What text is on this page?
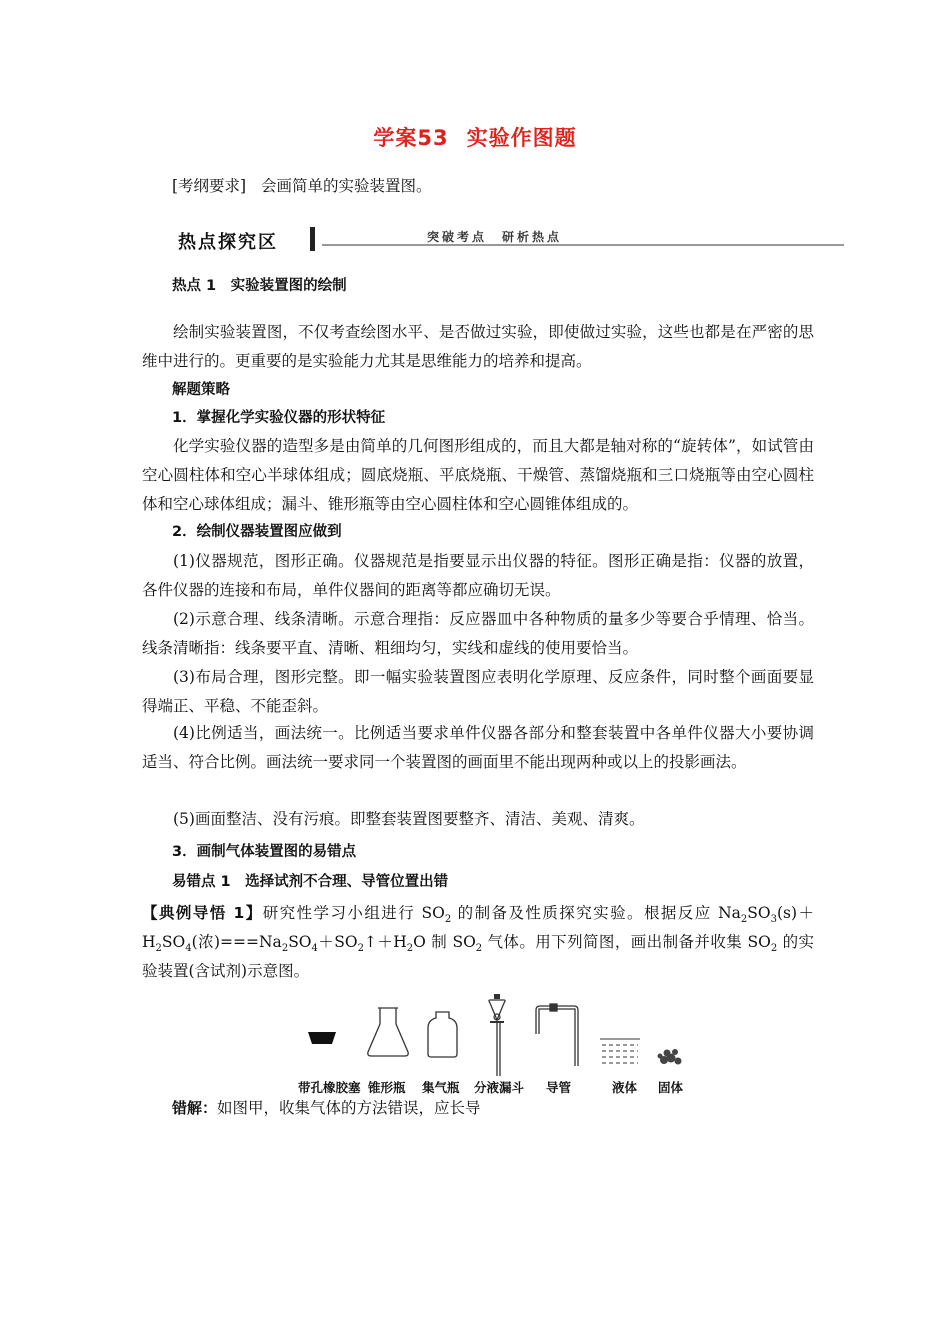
学案53 实验作图题
[考纲要求] 会画简单的实验装置图。
热点探究区	突破考点　研析热点
热点 1　实验装置图的绘制
绘制实验装置图，不仅考查绘图水平、是否做过实验，即使做过实验，这些也都是在严密的思维中进行的。更重要的是实验能力尤其是思维能力的培养和提高。
解题策略
1．掌握化学实验仪器的形状特征
化学实验仪器的造型多是由简单的几何图形组成的，而且大都是轴对称的“旋转体”，如试管由空心圆柱体和空心半球体组成；圆底烧瓶、平底烧瓶、干燥管、蒸馏烧瓶和三口烧瓶等由空心圆柱体和空心球体组成；漏斗、锥形瓶等由空心圆柱体和空心圆锥体组成的。
2．绘制仪器装置图应做到
(1)仪器规范，图形正确。仪器规范是指要显示出仪器的特征。图形正确是指：仪器的放置，各件仪器的连接和布局，单件仪器间的距离等都应确切无误。
(2)示意合理、线条清晰。示意合理指：反应器皿中各种物质的量多少等要合乎情理、恰当。线条清晰指：线条要平直、清晰、粗细均匀，实线和虚线的使用要恰当。
(3)布局合理，图形完整。即一幅实验装置图应表明化学原理、反应条件，同时整个画面要显得端正、平稳、不能歪斜。
(4)比例适当，画法统一。比例适当要求单件仪器各部分和整套装置中各单件仪器大小要协调适当、符合比例。画法统一要求同一个装置图的画面里不能出现两种或以上的投影画法。
(5)画面整洁、没有污痕。即整套装置图要整齐、清洁、美观、清爽。
3．画制气体装置图的易错点
易错点 1　选择试剂不合理、导管位置出错
【典例导悟 1】研究性学习小组进行 $SO_2$ 的制备及性质探究实验。根据反应 $Na_2SO_3(s)+H_2SO_4$(浓)$===Na_2SO_4+SO_2↑+H_2O$ 制 $SO_2$ 气体。用下列简图，画出制备并收集 $SO_2$ 的实验装置(含试剂)示意图。
带孔橡胶塞 锥形瓶 集气瓶 分液漏斗 导管	液体 固体
错解：如图甲，收集气体的方法错误，应长导
